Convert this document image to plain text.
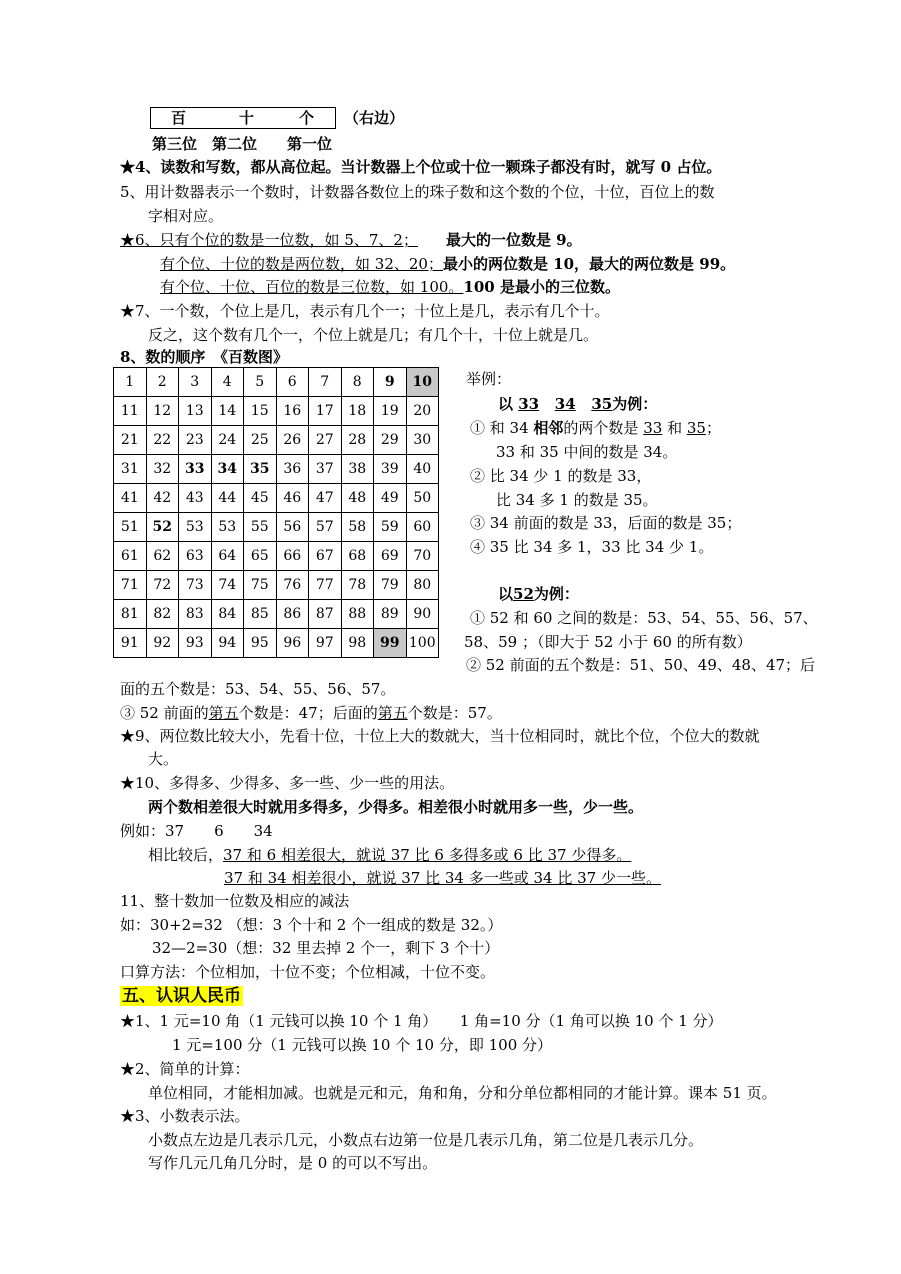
百	十	个 （右边）
第三位　第二位　　第一位
★4、读数和写数，都从高位起。当计数器上个位或十位一颗珠子都没有时，就写 0 占位。
5、用计数器表示一个数时，计数器各数位上的珠子数和这个数的个位，十位，百位上的数
字相对应。
★6、只有个位的数是一位数，如 5、7、2； 最大的一位数是 9。
有个位、十位的数是两位数，如 32、20；最小的两位数是 10，最大的两位数是 99。
有个位、十位、百位的数是三位数，如 100。100 是最小的三位数。
★7、一个数，个位上是几，表示有几个一；十位上是几，表示有几个十。
反之，这个数有几个一，个位上就是几；有几个十，十位上就是几。
8、数的顺序　《百数图》
1	2	3	4	5	6	7	8	9	10
11	12	13	14	15	16	17	18	19	20
21	22	23	24	25	26	27	28	29	30
31	32	33	34	35	36	37	38	39	40
41	42	43	44	45	46	47	48	49	50
51	52	53	53	55	56	57	58	59	60
61	62	63	64	65	66	67	68	69	70
71	72	73	74	75	76	77	78	79	80
81	82	83	84	85	86	87	88	89	90
91	92	93	94	95	96	97	98	99	100
举例：
以 33 34 35为例：
① 和 34 相邻的两个数是 33 和 35；
33 和 35 中间的数是 34。
② 比 34 少 1 的数是 33，
比 34 多 1 的数是 35。
③ 34 前面的数是 33，后面的数是 35；
④ 35 比 34 多 1，33 比 34 少 1。
以52为例：
① 52 和 60 之间的数是：53、54、55、56、57、
58、59 ；（即大于 52 小于 60 的所有数）
② 52 前面的五个数是：51、50、49、48、47；后
面的五个数是：53、54、55、56、57。
③ 52 前面的第五个数是：47；后面的第五个数是：57。
★9、两位数比较大小，先看十位，十位上大的数就大，当十位相同时，就比个位，个位大的数就
大。
★10、多得多、少得多、多一些、少一些的用法。
两个数相差很大时就用多得多，少得多。相差很小时就用多一些，少一些。
例如：37　　6　　34
相比较后，37 和 6 相差很大，就说 37 比 6 多得多或 6 比 37 少得多。
37 和 34 相差很小，就说 37 比 34 多一些或 34 比 37 少一些。
11、整十数加一位数及相应的减法
如：30+2=32 （想：3 个十和 2 个一组成的数是 32。）
32—2=30（想：32 里去掉 2 个一，剩下 3 个十）
口算方法：个位相加，十位不变；个位相减，十位不变。
五、认识人民币
★1、1 元=10 角（1 元钱可以换 10 个 1 角）　　1 角=10 分（1 角可以换 10 个 1 分）
1 元=100 分（1 元钱可以换 10 个 10 分，即 100 分）
★2、简单的计算：
单位相同，才能相加减。也就是元和元，角和角，分和分单位都相同的才能计算。课本 51 页。
★3、小数表示法。
小数点左边是几表示几元，小数点右边第一位是几表示几角，第二位是几表示几分。
写作几元几角几分时，是 0 的可以不写出。
